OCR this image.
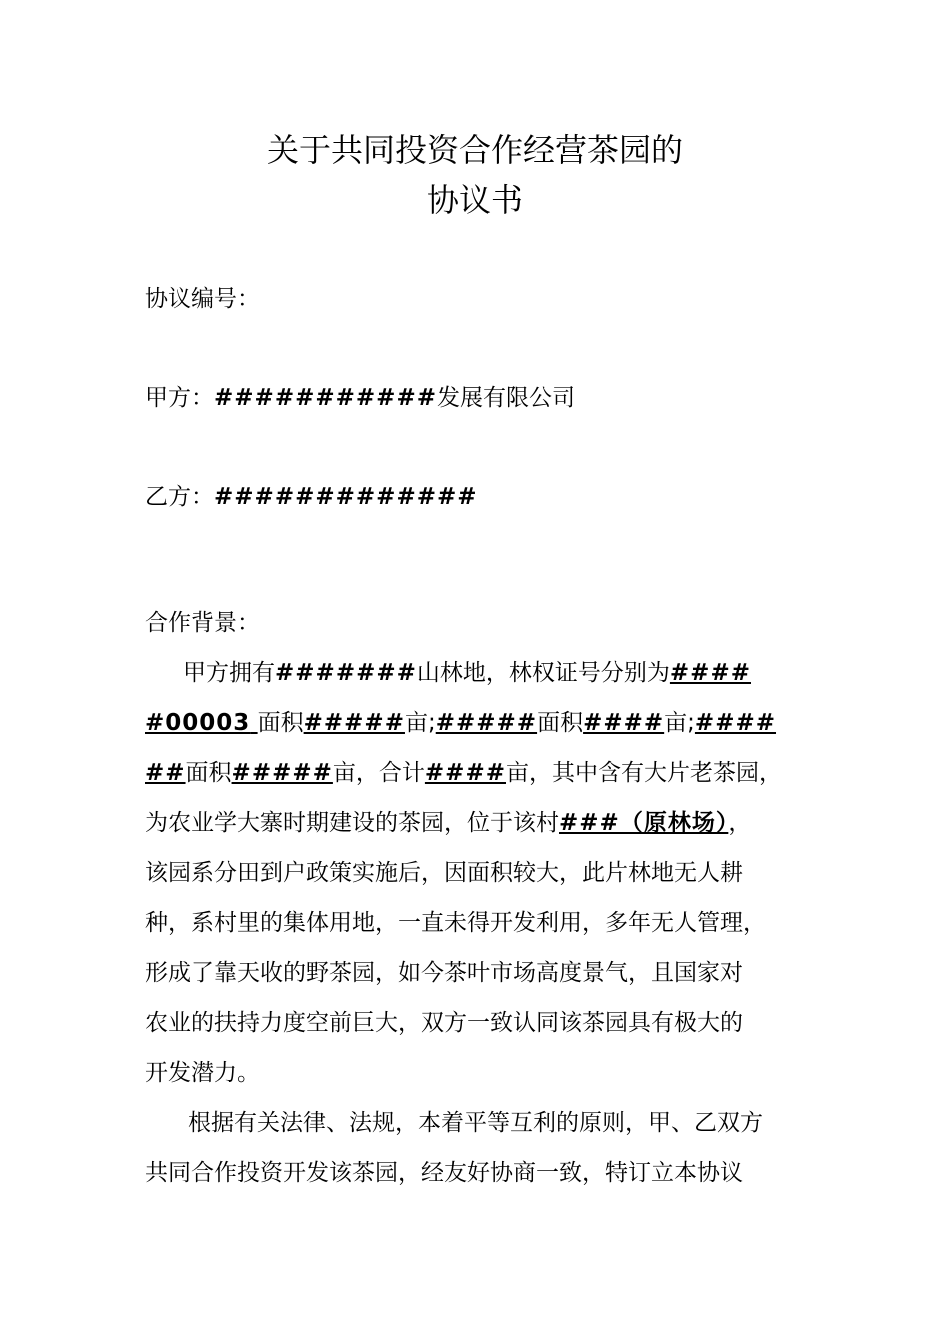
关于共同投资合作经营茶园的
协议书
协议编号：
甲方：###########发展有限公司
乙方：#############
合作背景：
甲方拥有#######山林地，林权证号分别为####
#00003 面积#####亩;#####面积####亩;####
##面积#####亩，合计####亩，其中含有大片老茶园，
为农业学大寨时期建设的茶园，位于该村###（原林场），
该园系分田到户政策实施后，因面积较大，此片林地无人耕
种，系村里的集体用地，一直未得开发利用，多年无人管理，
形成了靠天收的野茶园，如今茶叶市场高度景气，且国家对
农业的扶持力度空前巨大，双方一致认同该茶园具有极大的
开发潜力。
根据有关法律、法规，本着平等互利的原则，甲、乙双方
共同合作投资开发该茶园，经友好协商一致，特订立本协议
